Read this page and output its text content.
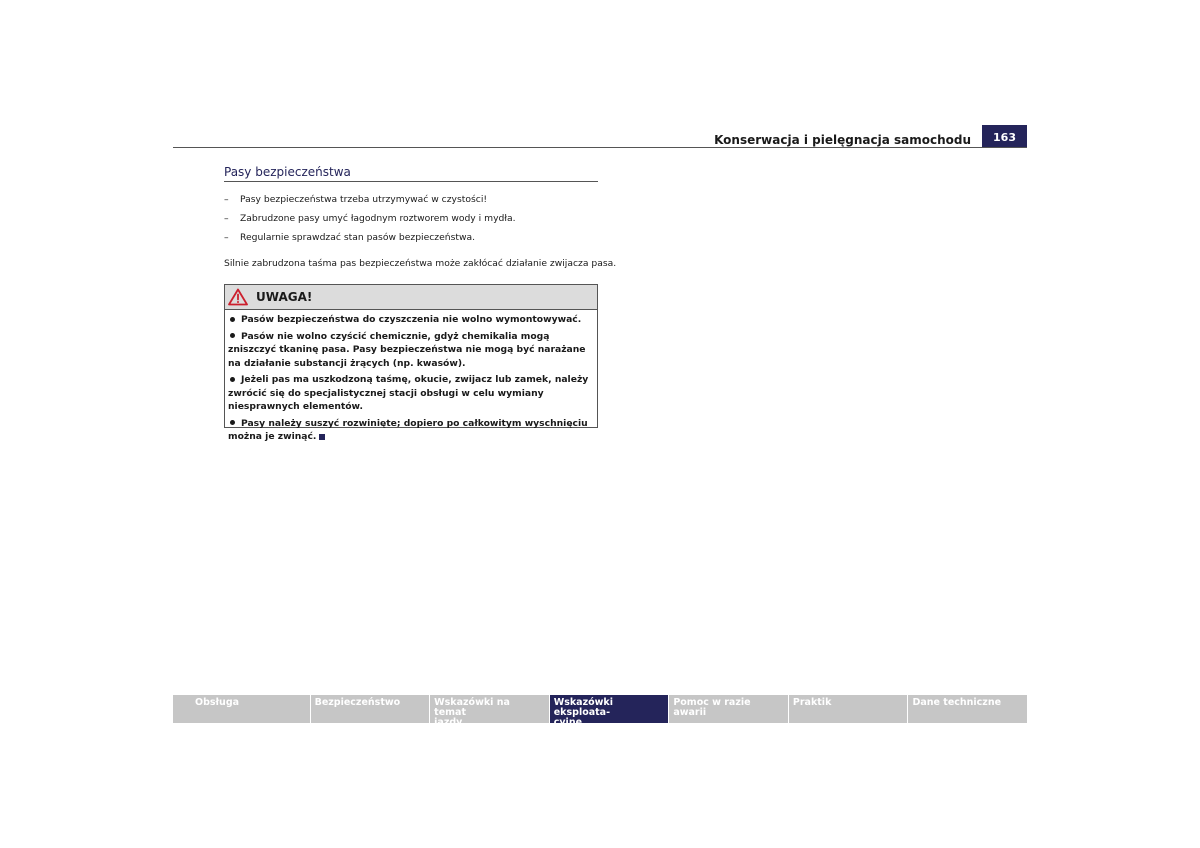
Konserwacja i pielęgnacja samochodu	163
Pasy bezpieczeństwa
–	Pasy bezpieczeństwa trzeba utrzymywać w czystości!
–	Zabrudzone pasy umyć łagodnym roztworem wody i mydła.
–	Regularnie sprawdzać stan pasów bezpieczeństwa.
Silnie zabrudzona taśma pas bezpieczeństwa może zakłócać działanie zwijacza pasa.
UWAGA!
Pasów bezpieczeństwa do czyszczenia nie wolno wymontowywać.
Pasów nie wolno czyścić chemicznie, gdyż chemikalia mogą zniszczyć tkaninę pasa. Pasy bezpieczeństwa nie mogą być narażane na działanie substancji żrących (np. kwasów).
Jeżeli pas ma uszkodzoną taśmę, okucie, zwijacz lub zamek, należy zwrócić się do specjalistycznej stacji obsługi w celu wymiany niesprawnych elementów.
Pasy należy suszyć rozwinięte; dopiero po całkowitym wyschnięciu można je zwinąć.
Obsługa	Bezpieczeństwo	Wskazówki na temat
jazdy
Wskazówki eksploata-
cyjne
Pomoc w razie awarii
Praktik	Dane techniczne
